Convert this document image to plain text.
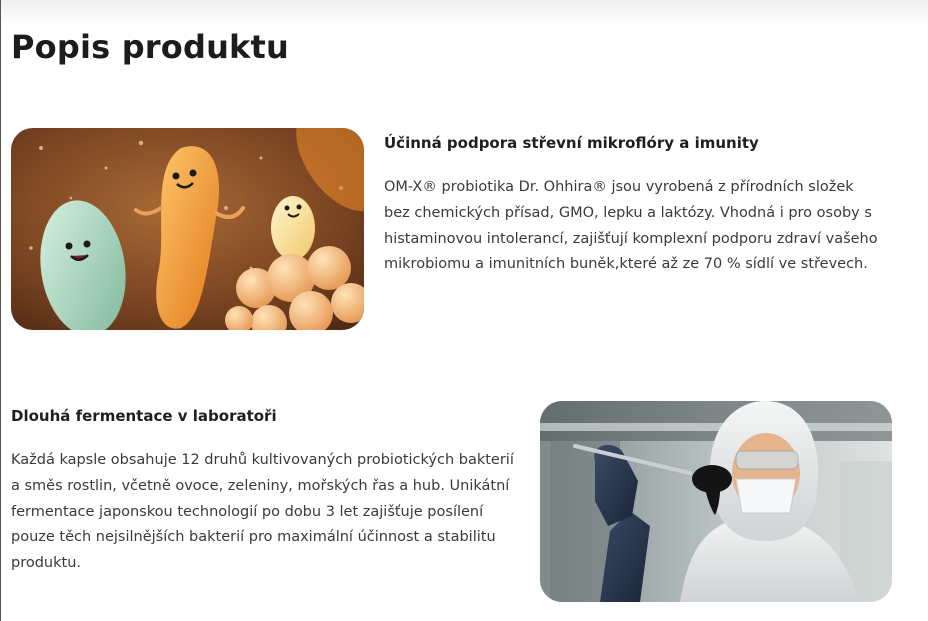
Popis produktu
Účinná podpora střevní mikroflóry a imunity

OM-X® probiotika Dr. Ohhira® jsou vyrobená z přírodních složek bez chemických přísad, GMO, lepku a laktózy. Vhodná i pro osoby s histaminovou intolerancí, zajišťují komplexní podporu zdraví vašeho mikrobiomu a imunitních buněk,které až ze 70 % sídlí ve střevech.

Dlouhá fermentace v laboratoři

Každá kapsle obsahuje 12 druhů kultivovaných probiotických bakterií a směs rostlin, včetně ovoce, zeleniny, mořských řas a hub. Unikátní fermentace japonskou technologií po dobu 3 let zajišťuje posílení pouze těch nejsilnějších bakterií pro maximální účinnost a stabilitu produktu.
